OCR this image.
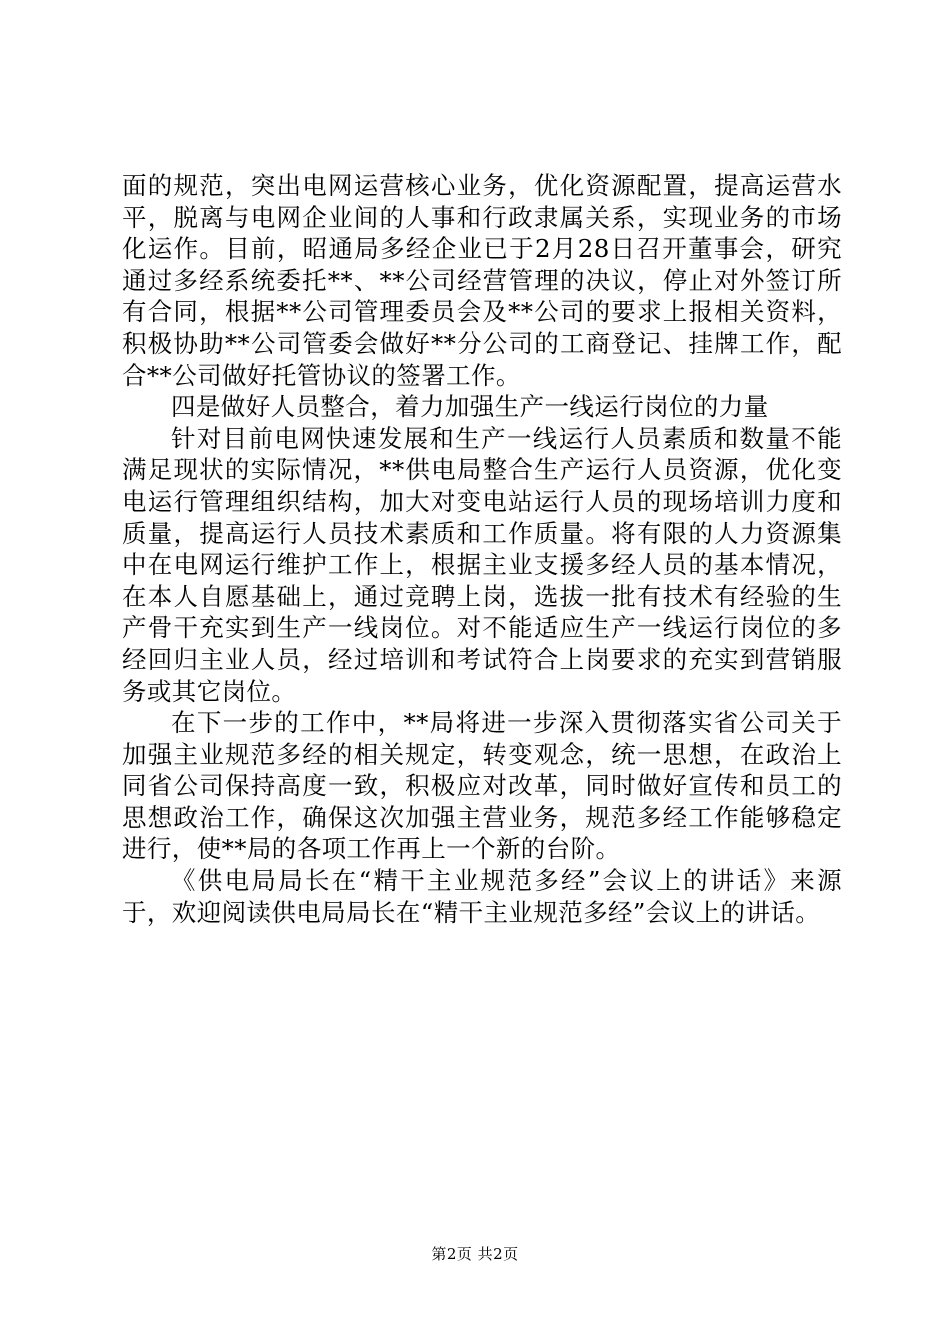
面的规范，突出电网运营核心业务，优化资源配置，提高运营水平，脱离与电网企业间的人事和行政隶属关系，实现业务的市场化运作。目前，昭通局多经企业已于2月28日召开董事会，研究通过多经系统委托**、**公司经营管理的决议，停止对外签订所有合同，根据**公司管理委员会及**公司的要求上报相关资料，积极协助**公司管委会做好**分公司的工商登记、挂牌工作，配合**公司做好托管协议的签署工作。

四是做好人员整合，着力加强生产一线运行岗位的力量

针对目前电网快速发展和生产一线运行人员素质和数量不能满足现状的实际情况，**供电局整合生产运行人员资源，优化变电运行管理组织结构，加大对变电站运行人员的现场培训力度和质量，提高运行人员技术素质和工作质量。将有限的人力资源集中在电网运行维护工作上，根据主业支援多经人员的基本情况，在本人自愿基础上，通过竞聘上岗，选拔一批有技术有经验的生产骨干充实到生产一线岗位。对不能适应生产一线运行岗位的多经回归主业人员，经过培训和考试符合上岗要求的充实到营销服务或其它岗位。

在下一步的工作中，**局将进一步深入贯彻落实省公司关于加强主业规范多经的相关规定，转变观念，统一思想，在政治上同省公司保持高度一致，积极应对改革，同时做好宣传和员工的思想政治工作，确保这次加强主营业务，规范多经工作能够稳定进行，使**局的各项工作再上一个新的台阶。

《供电局局长在“精干主业规范多经”会议上的讲话》来源于，欢迎阅读供电局局长在“精干主业规范多经”会议上的讲话。

第2页 共2页
